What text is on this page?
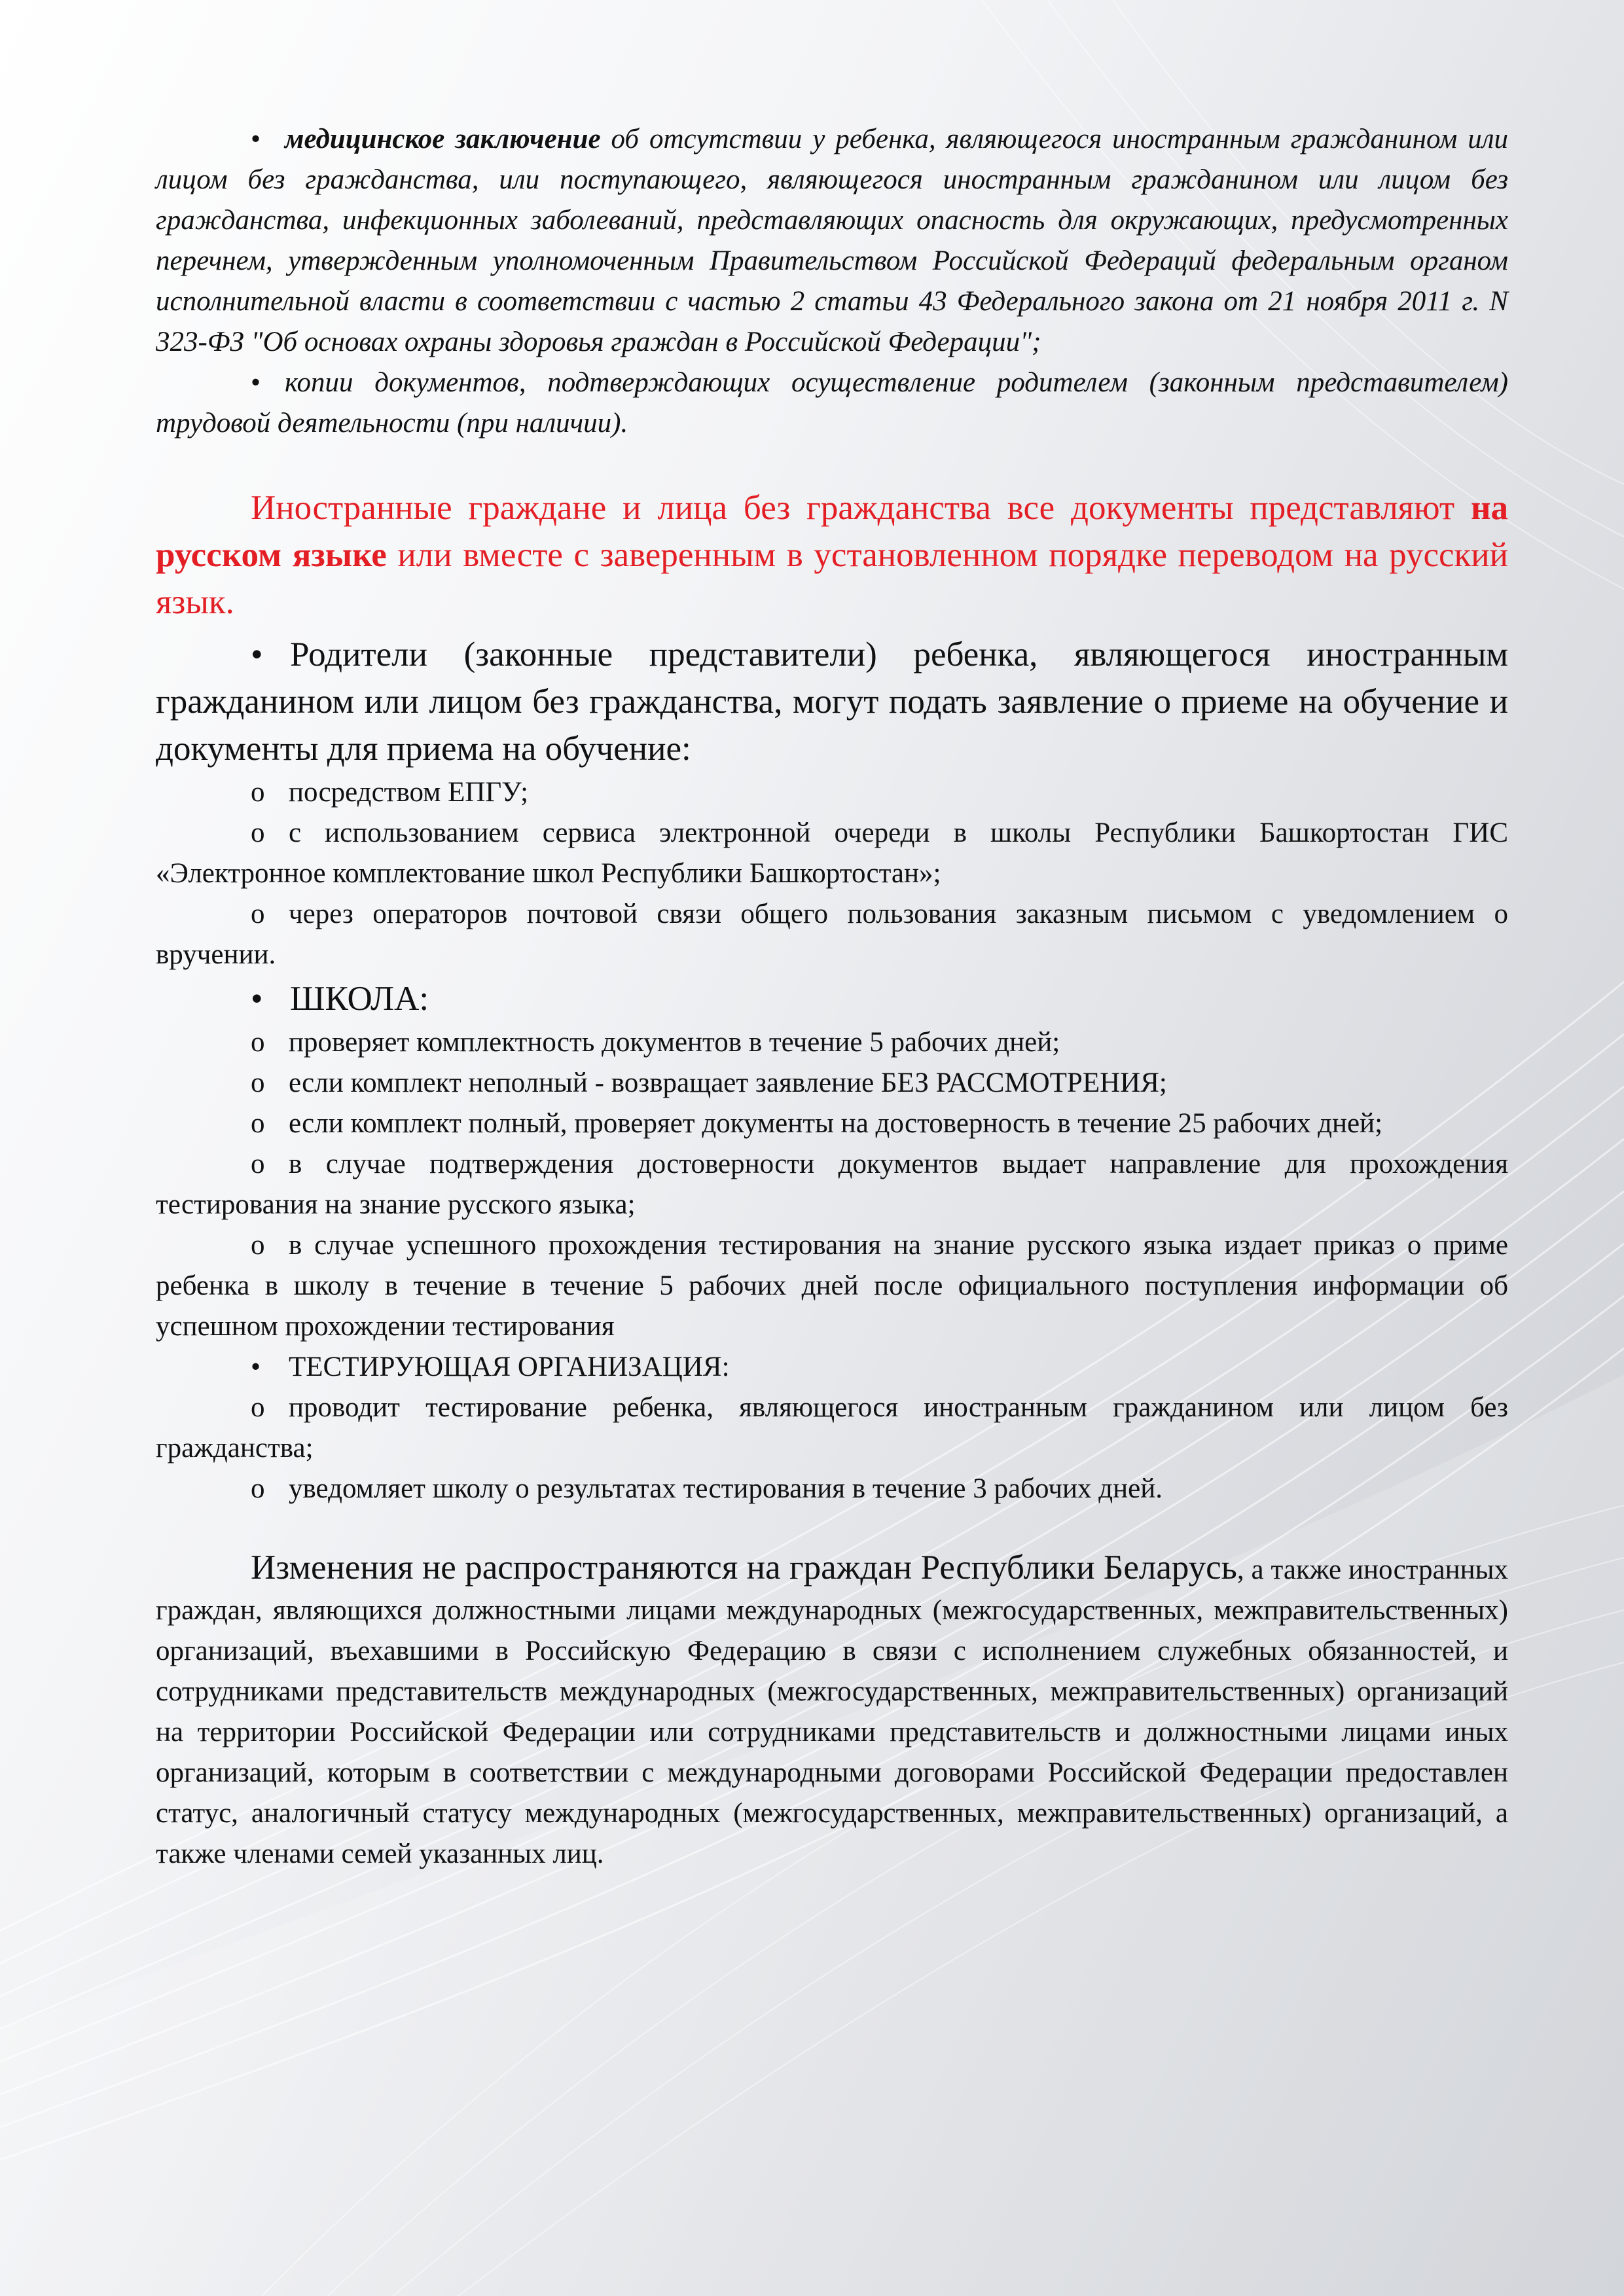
• медицинское заключение об отсутствии у ребенка, являющегося иностранным гражданином или лицом без гражданства, или поступающего, являющегося иностранным гражданином или лицом без гражданства, инфекционных заболеваний, представляющих опасность для окружающих, предусмотренных перечнем, утвержденным уполномоченным Правительством Российской Федераций федеральным органом исполнительной власти в соответствии с частью 2 статьи 43 Федерального закона от 21 ноября 2011 г. N 323-ФЗ "Об основах охраны здоровья граждан в Российской Федерации";

• копии документов, подтверждающих осуществление родителем (законным представителем) трудовой деятельности (при наличии).

Иностранные граждане и лица без гражданства все документы представляют на русском языке или вместе с заверенным в установленном порядке переводом на русский язык.

• Родители (законные представители) ребенка, являющегося иностранным гражданином или лицом без гражданства, могут подать заявление о приеме на обучение и документы для приема на обучение:

o посредством ЕПГУ;

o с использованием сервиса электронной очереди в школы Республики Башкортостан ГИС «Электронное комплектование школ Республики Башкортостан»;

o через операторов почтовой связи общего пользования заказным письмом с уведомлением о вручении.

• ШКОЛА:

o проверяет комплектность документов в течение 5 рабочих дней;

o если комплект неполный - возвращает заявление БЕЗ РАССМОТРЕНИЯ;

o если комплект полный, проверяет документы на достоверность в течение 25 рабочих дней;

o в случае подтверждения достоверности документов выдает направление для прохождения тестирования на знание русского языка;

o в случае успешного прохождения тестирования на знание русского языка издает приказ о приме ребенка в школу в течение в течение 5 рабочих дней после официального поступления информации об успешном прохождении тестирования

• ТЕСТИРУЮЩАЯ ОРГАНИЗАЦИЯ:

o проводит тестирование ребенка, являющегося иностранным гражданином или лицом без гражданства;

o уведомляет школу о результатах тестирования в течение 3 рабочих дней.

Изменения не распространяются на граждан Республики Беларусь, а также иностранных граждан, являющихся должностными лицами международных (межгосударственных, межправительственных) организаций, въехавшими в Российскую Федерацию в связи с исполнением служебных обязанностей, и сотрудниками представительств международных (межгосударственных, межправительственных) организаций на территории Российской Федерации или сотрудниками представительств и должностными лицами иных организаций, которым в соответствии с международными договорами Российской Федерации предоставлен статус, аналогичный статусу международных (межгосударственных, межправительственных) организаций, а также членами семей указанных лиц.
